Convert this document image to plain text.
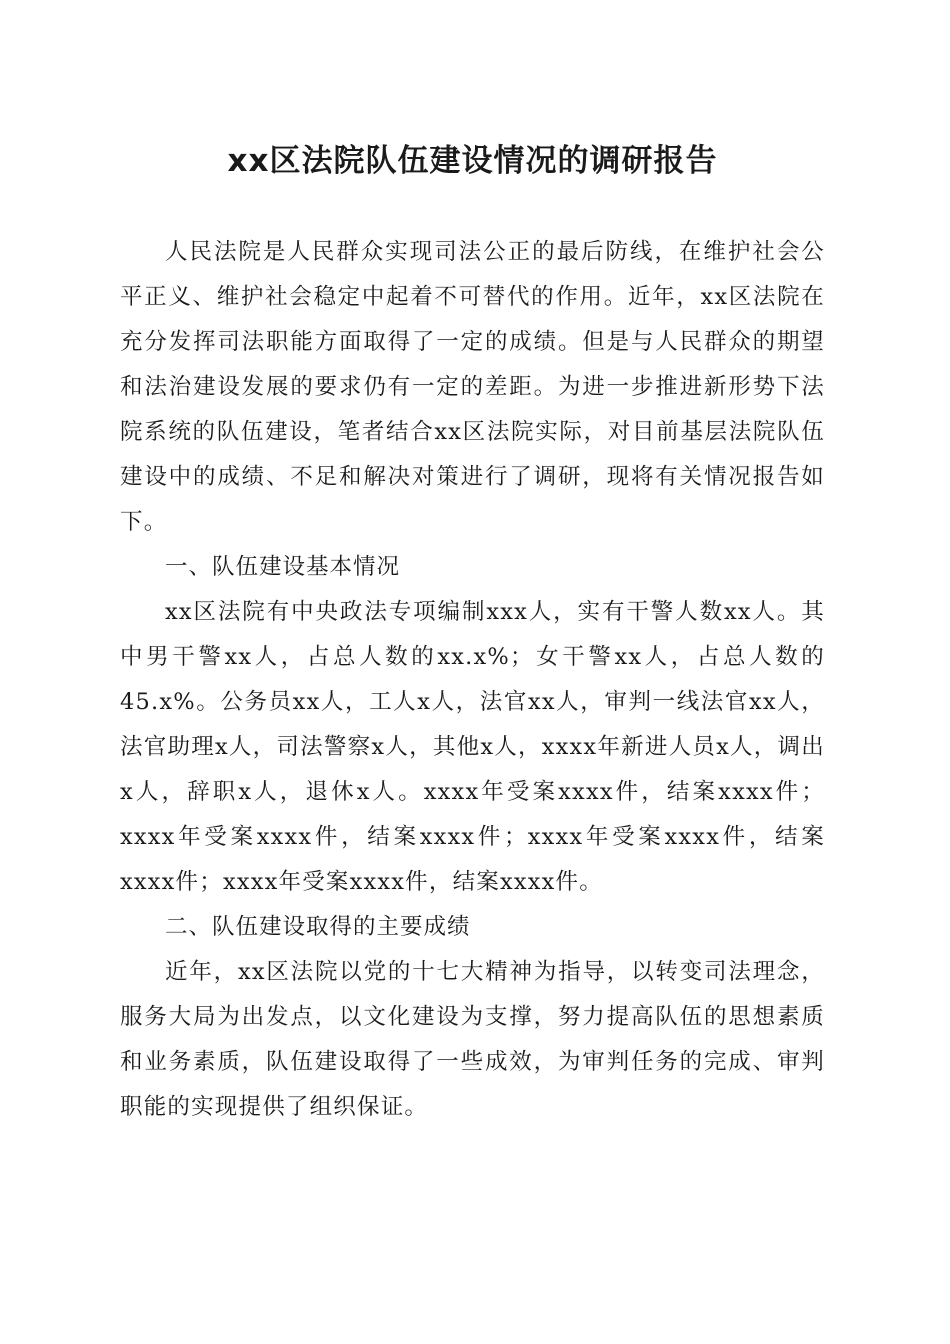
xx区法院队伍建设情况的调研报告

人民法院是人民群众实现司法公正的最后防线，在维护社会公平正义、维护社会稳定中起着不可替代的作用。近年，xx区法院在充分发挥司法职能方面取得了一定的成绩。但是与人民群众的期望和法治建设发展的要求仍有一定的差距。为进一步推进新形势下法院系统的队伍建设，笔者结合xx区法院实际，对目前基层法院队伍建设中的成绩、不足和解决对策进行了调研，现将有关情况报告如下。

一、队伍建设基本情况

xx区法院有中央政法专项编制xxx人，实有干警人数xx人。其中男干警xx人，占总人数的xx.x%；女干警xx人，占总人数的45.x%。公务员xx人，工人x人，法官xx人，审判一线法官xx人，法官助理x人，司法警察x人，其他x人，xxxx年新进人员x人，调出x人，辞职x人，退休x人。xxxx年受案xxxx件，结案xxxx件；xxxx年受案xxxx件，结案xxxx件；xxxx年受案xxxx件，结案xxxx件；xxxx年受案xxxx件，结案xxxx件。

二、队伍建设取得的主要成绩

近年，xx区法院以党的十七大精神为指导，以转变司法理念，服务大局为出发点，以文化建设为支撑，努力提高队伍的思想素质和业务素质，队伍建设取得了一些成效，为审判任务的完成、审判职能的实现提供了组织保证。
